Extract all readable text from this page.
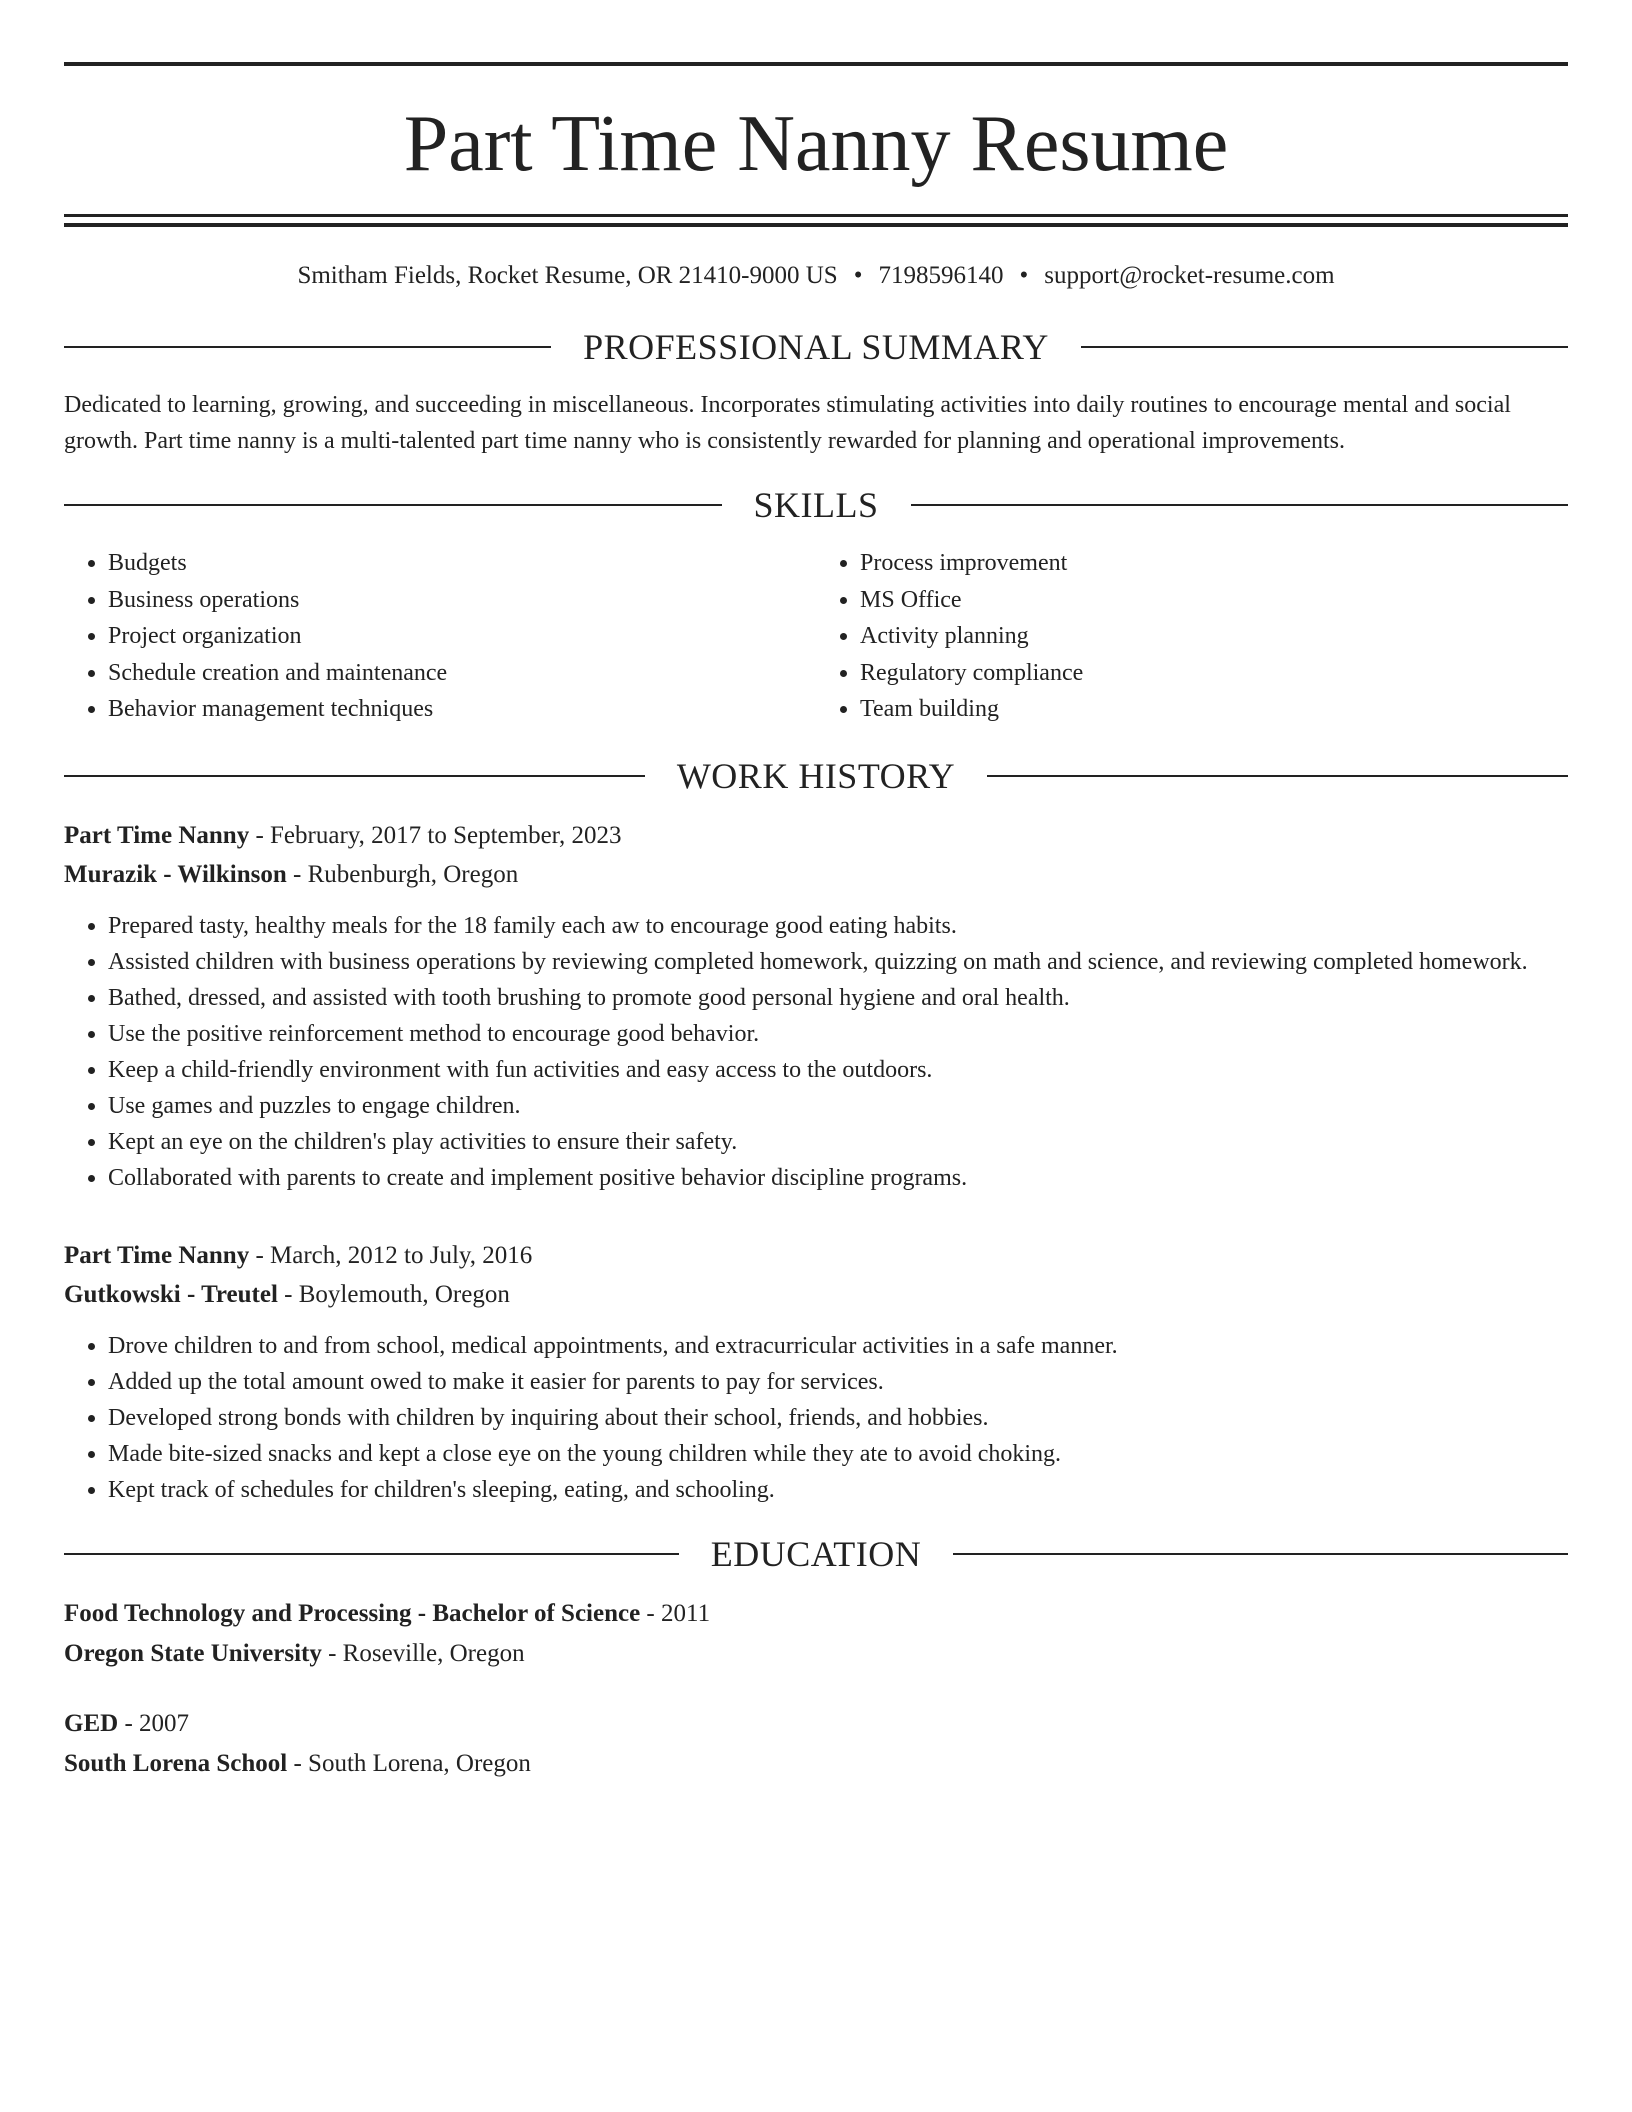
Part Time Nanny Resume
Smitham Fields, Rocket Resume, OR 21410-9000 US • 7198596140 • support@rocket-resume.com
PROFESSIONAL SUMMARY

Dedicated to learning, growing, and succeeding in miscellaneous. Incorporates stimulating activities into daily routines to encourage mental and social growth. Part time nanny is a multi-talented part time nanny who is consistently rewarded for planning and operational improvements.

SKILLS
• Budgets
• Business operations
• Project organization
• Schedule creation and maintenance
• Behavior management techniques
• Process improvement
• MS Office
• Activity planning
• Regulatory compliance
• Team building
WORK HISTORY
Part Time Nanny - February, 2017 to September, 2023
Murazik - Wilkinson - Rubenburgh, Oregon
• Prepared tasty, healthy meals for the 18 family each aw to encourage good eating habits.
• Assisted children with business operations by reviewing completed homework, quizzing on math and science, and reviewing completed homework.
• Bathed, dressed, and assisted with tooth brushing to promote good personal hygiene and oral health.
• Use the positive reinforcement method to encourage good behavior.
• Keep a child-friendly environment with fun activities and easy access to the outdoors.
• Use games and puzzles to engage children.
• Kept an eye on the children's play activities to ensure their safety.
• Collaborated with parents to create and implement positive behavior discipline programs.
Part Time Nanny - March, 2012 to July, 2016
Gutkowski - Treutel - Boylemouth, Oregon
• Drove children to and from school, medical appointments, and extracurricular activities in a safe manner.
• Added up the total amount owed to make it easier for parents to pay for services.
• Developed strong bonds with children by inquiring about their school, friends, and hobbies.
• Made bite-sized snacks and kept a close eye on the young children while they ate to avoid choking.
• Kept track of schedules for children's sleeping, eating, and schooling.
EDUCATION
Food Technology and Processing - Bachelor of Science - 2011
Oregon State University - Roseville, Oregon
GED - 2007
South Lorena School - South Lorena, Oregon
